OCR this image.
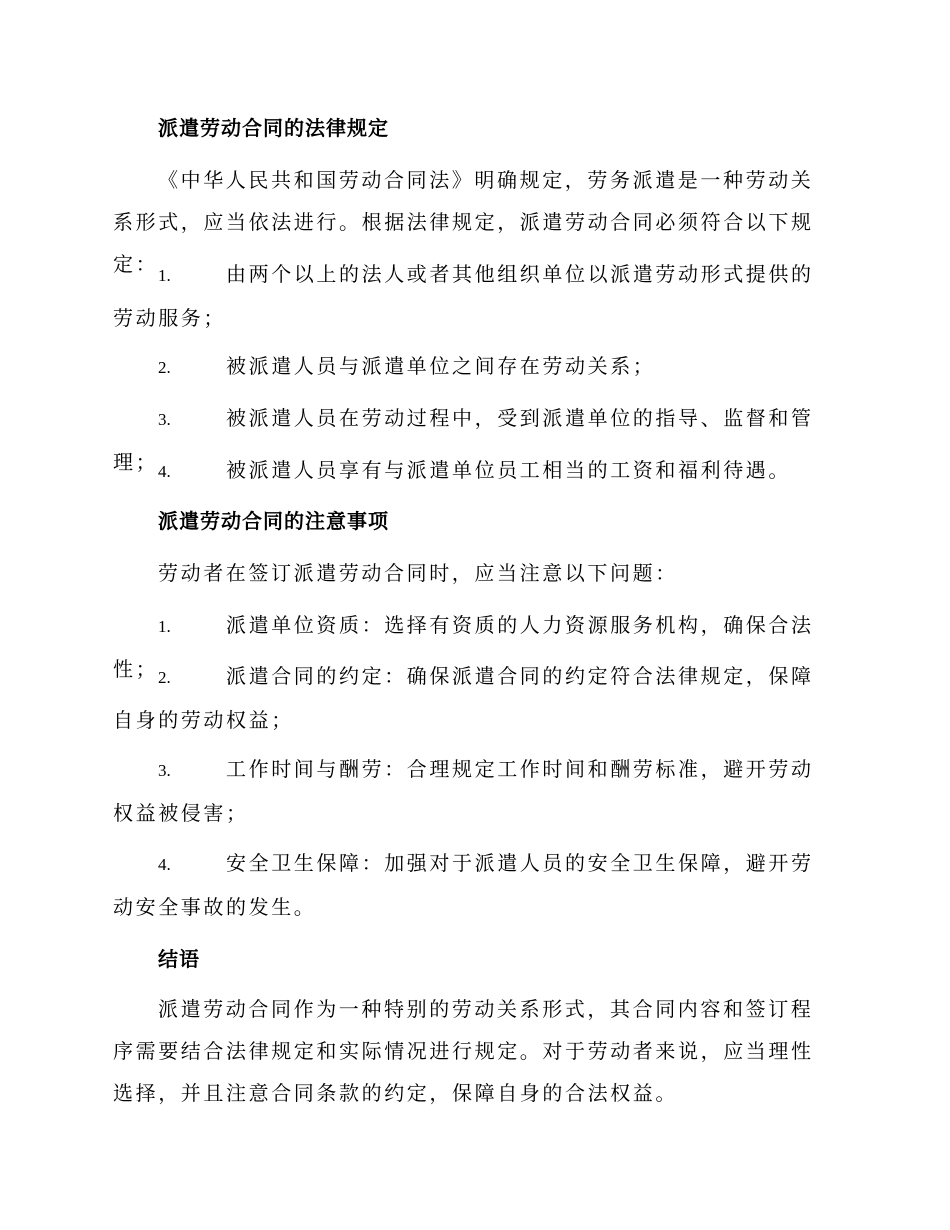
派遣劳动合同的法律规定

《中华人民共和国劳动合同法》明确规定，劳务派遣是一种劳动关系形式，应当依法进行。根据法律规定，派遣劳动合同必须符合以下规定： 1.	由两个以上的法人或者其他组织单位以派遣劳动形式提供的劳动服务；

2.	被派遣人员与派遣单位之间存在劳动关系；

3.	被派遣人员在劳动过程中，受到派遣单位的指导、监督和管理； 4.	被派遣人员享有与派遣单位员工相当的工资和福利待遇。

派遣劳动合同的注意事项

劳动者在签订派遣劳动合同时，应当注意以下问题：

1.	派遣单位资质：选择有资质的人力资源服务机构，确保合法性； 2.	派遣合同的约定：确保派遣合同的约定符合法律规定，保障自身的劳动权益；

3.	工作时间与酬劳：合理规定工作时间和酬劳标准，避开劳动权益被侵害；

4.	安全卫生保障：加强对于派遣人员的安全卫生保障，避开劳动安全事故的发生。

结语

派遣劳动合同作为一种特别的劳动关系形式，其合同内容和签订程序需要结合法律规定和实际情况进行规定。对于劳动者来说，应当理性选择，并且注意合同条款的约定，保障自身的合法权益。
